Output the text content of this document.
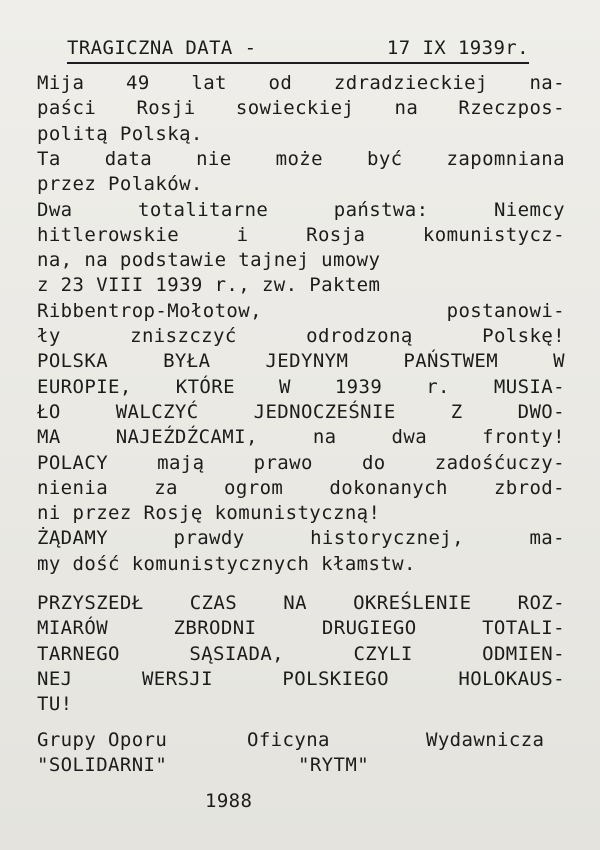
TRAGICZNA DATA -	17 IX 1939r.
Mija 49 lat od zdradzieckiej na-
paści Rosji sowieckiej na Rzeczpos-
politą Polską.
Ta data nie może być zapomniana
przez Polaków.
Dwa	totalitarne	państwa:	Niemcy
hitlerowskie	i	Rosja	komunistycz-
na, na podstawie tajnej umowy
z 23 VIII 1939 r., zw. Paktem
Ribbentrop-Mołotow,	postanowi-
ły	zniszczyć	odrodzoną	Polskę!
POLSKA	BYŁA	JEDYNYM	PAŃSTWEM	W
EUROPIE, KTÓRE W 1939 r. MUSIA-
ŁO	WALCZYĆ	JEDNOCZEŚNIE	Z	DWO-
MA	NAJEŹDŹCAMI,	na	dwa	fronty!
POLACY	mają	prawo	do	zadośćuczy-
nienia za ogrom dokonanych zbrod-
ni przez Rosję komunistyczną!
ŻĄDAMY	prawdy	historycznej,	ma-
my dość komunistycznych kłamstw.
PRZYSZEDŁ CZAS NA OKREŚLENIE ROZ-
MIARÓW	ZBRODNI	DRUGIEGO	TOTALI-
TARNEGO	SĄSIADA,	CZYLI	ODMIEN-
NEJ	WERSJI	POLSKIEGO	HOLOKAUS-
TU!
Grupy Oporu
"SOLIDARNI"
Oficyna
"RYTM"
Wydawnicza
1988
